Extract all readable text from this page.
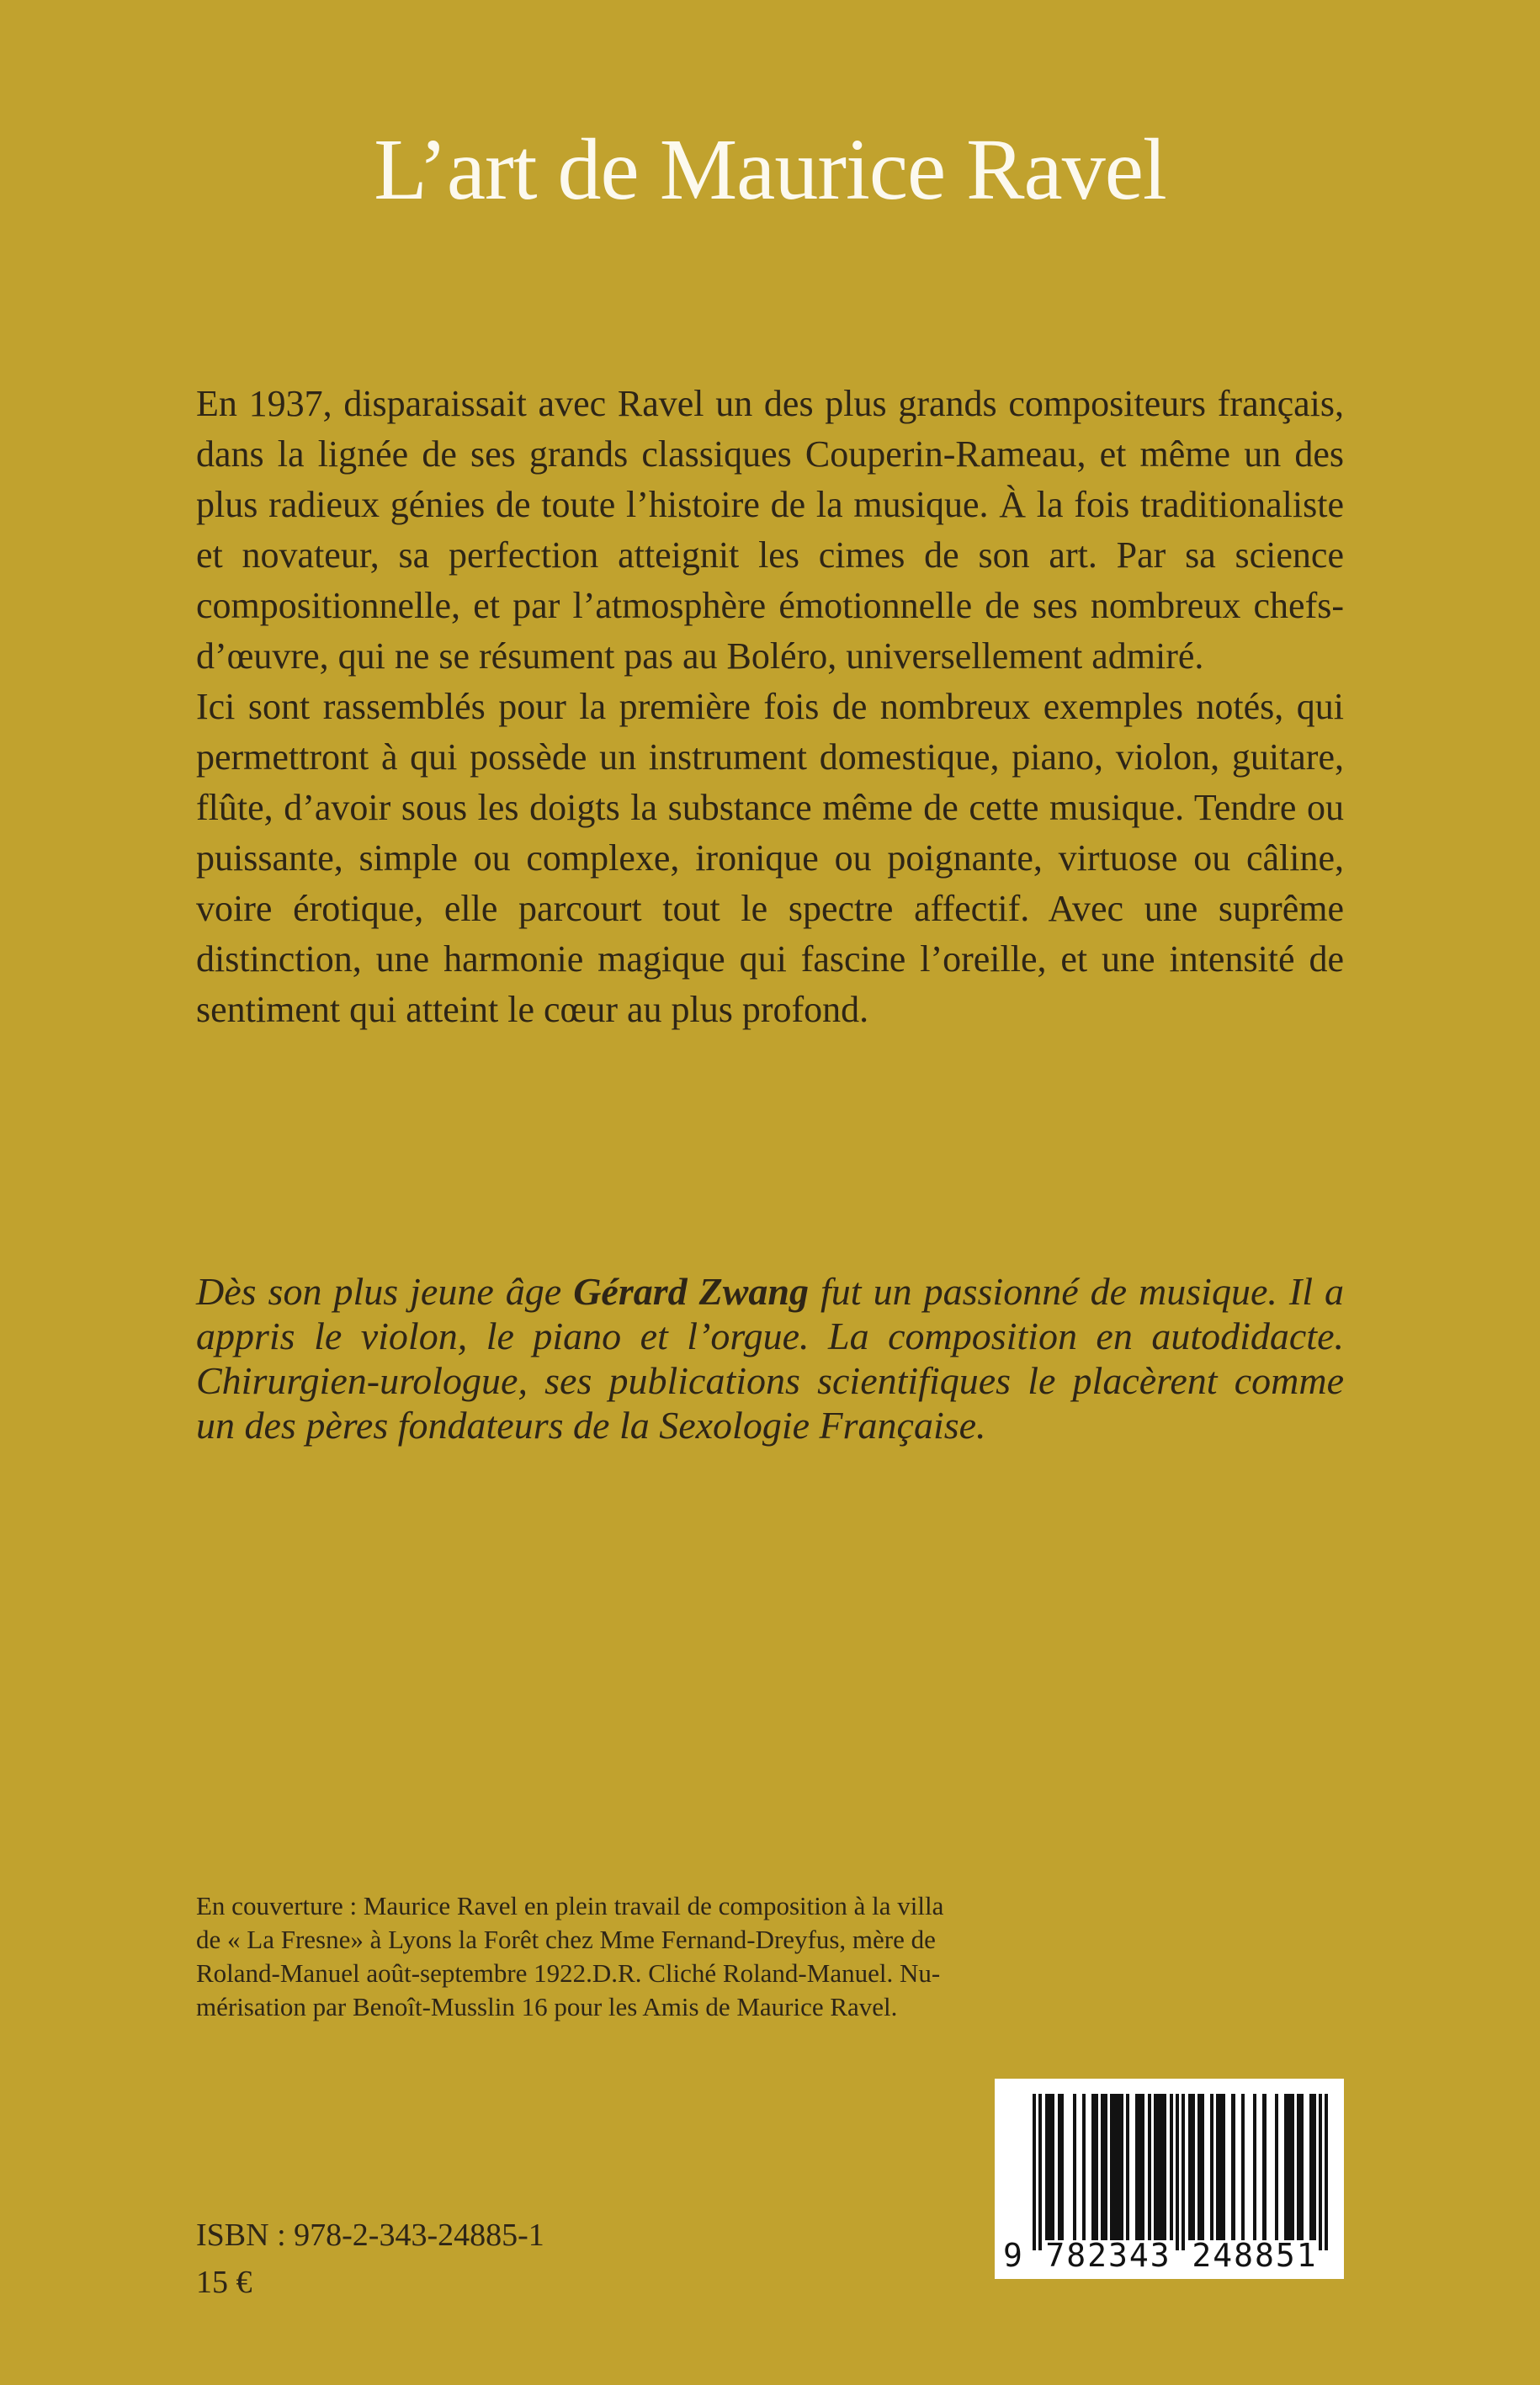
L’art de Maurice Ravel

En 1937, disparaissait avec Ravel un des plus grands compositeurs français, dans la lignée de ses grands classiques Couperin-Rameau, et même un des plus radieux génies de toute l’histoire de la musique. À la fois traditionaliste et novateur, sa perfection atteignit les cimes de son art. Par sa science compositionnelle, et par l’atmosphère émotionnelle de ses nombreux chefs-d’œuvre, qui ne se résument pas au Boléro, universellement admiré.

Ici sont rassemblés pour la première fois de nombreux exemples notés, qui permettront à qui possède un instrument domestique, piano, violon, guitare, flûte, d’avoir sous les doigts la substance même de cette musique. Tendre ou puissante, simple ou complexe, ironique ou poignante, virtuose ou câline, voire érotique, elle parcourt tout le spectre affectif. Avec une suprême distinction, une harmonie magique qui fascine l’oreille, et une intensité de sentiment qui atteint le cœur au plus profond.

Dès son plus jeune âge Gérard Zwang fut un passionné de musique. Il a appris le violon, le piano et l’orgue. La composition en autodidacte. Chirurgien-urologue, ses publications scientifiques le placèrent comme un des pères fondateurs de la Sexologie Française.

En couverture : Maurice Ravel en plein travail de composition à la villa
de « La Fresne» à Lyons la Forêt chez Mme Fernand-Dreyfus, mère de
Roland-Manuel août-septembre 1922.D.R. Cliché Roland-Manuel. Nu-
mérisation par Benoît-Musslin 16 pour les Amis de Maurice Ravel.
ISBN : 978-2-343-24885-1
15 €
9 782343 248851
